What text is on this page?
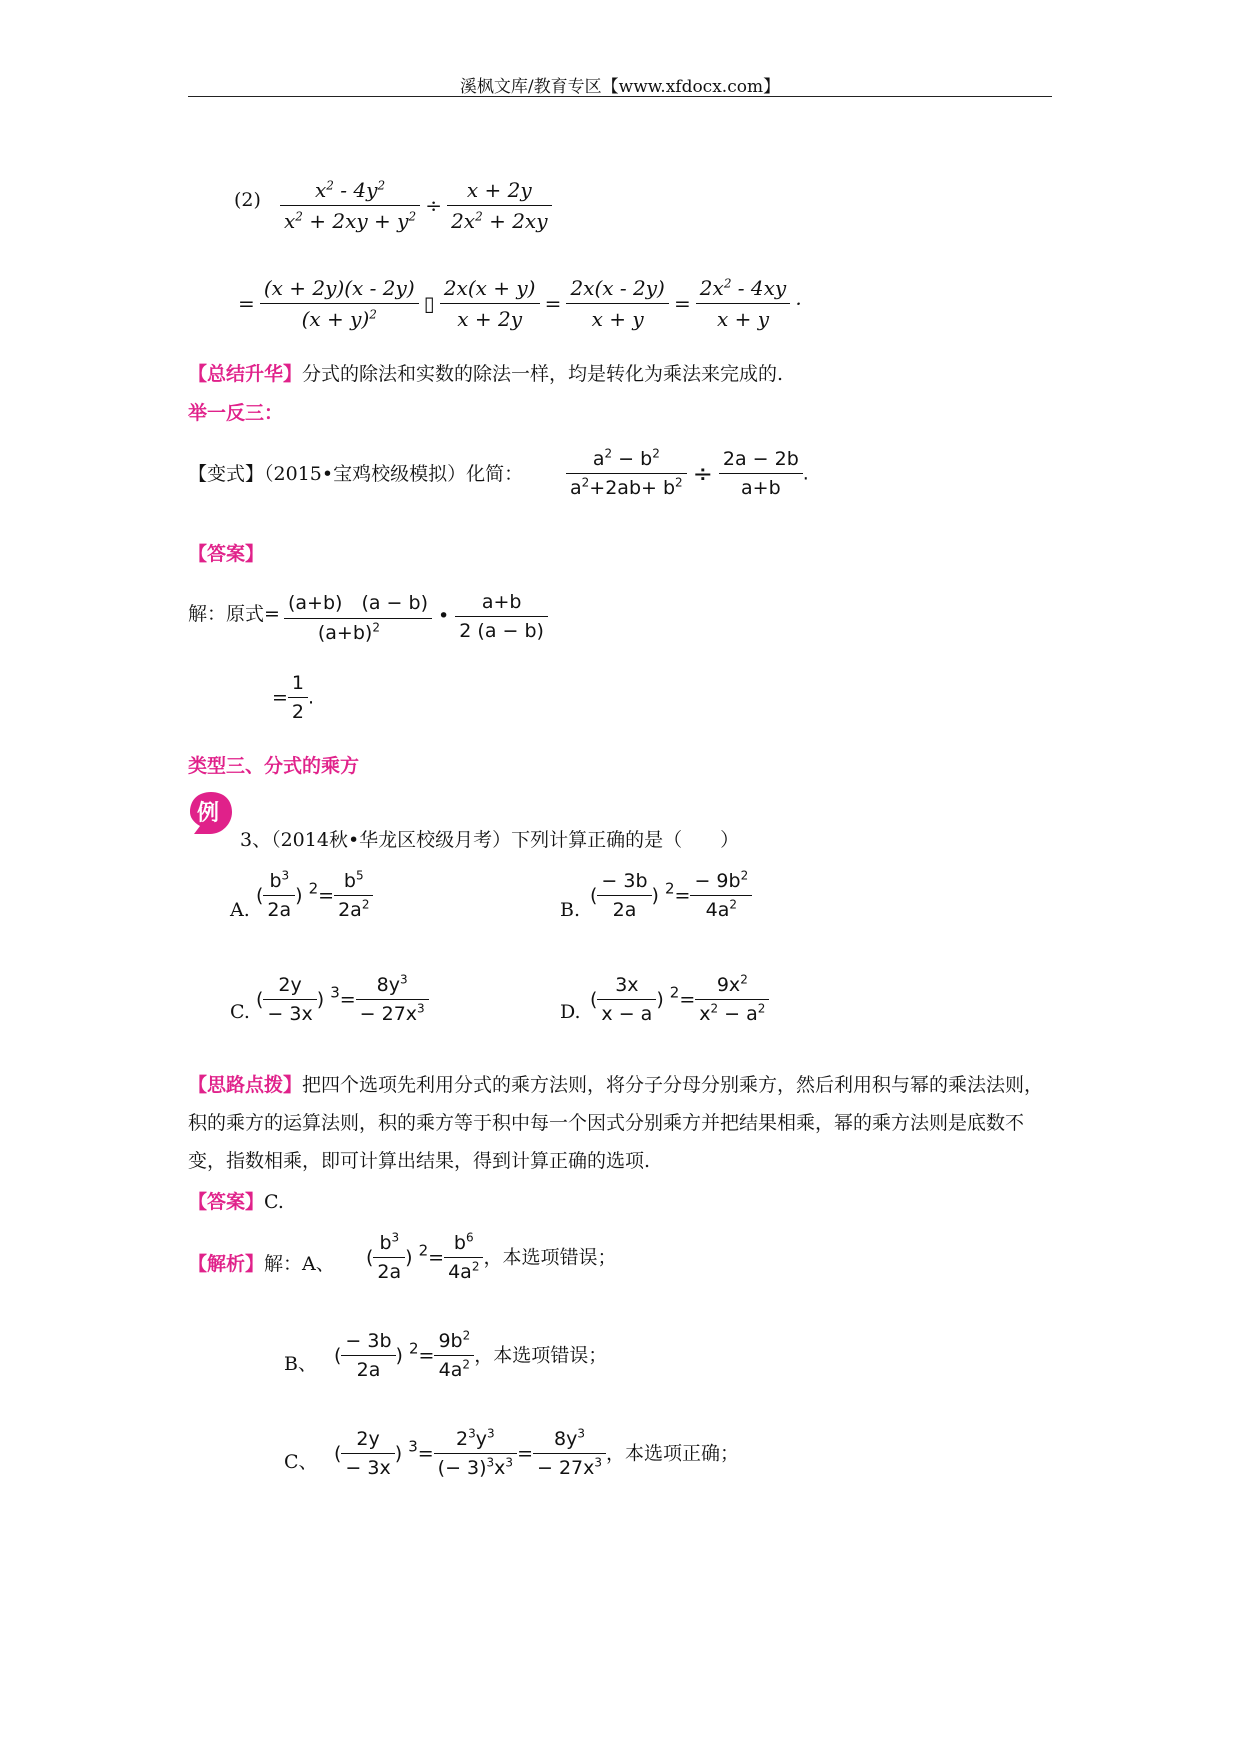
溪枫文库/教育专区【www.xfdocx.com】
$(2) \frac{x^2 - 4y^2}{x^2 + 2xy + y^2} \div \frac{x + 2y}{2x^2 + 2xy}$
= $\frac{(x + 2y)(x - 2y)}{(x + y)^2}$ ▯ $\frac{2x(x + y)}{x + 2y} = \frac{2x(x - 2y)}{x + y} = \frac{2x^2 - 4xy}{x + y}$ ·
【总结升华】分式的除法和实数的除法一样，均是转化为乘法来完成的.
举一反三：
【变式】（2015•宝鸡校级模拟）化简： $\frac{a^2 - b^2}{a^2+2ab+ b^2} \div \frac{2a - 2b}{a+b}$ .
【答案】
解：原式= $\frac{(a+b) (a - b)}{(a+b)^2}$ • $\frac{a+b}{2 (a - b)}$
= $\frac{1}{2}$ .
类型三、分式的乘方
例
3、（2014秋•华龙区校级月考）下列计算正确的是（　　）
A.
( $\frac{b^3}{2a}$ ) $^2= \frac{b^5}{2a^2}$	B.
( $\frac{- 3b}{2a}$ ) $^2= \frac{- 9b^2}{4a^2}$
C.
( $\frac{2y}{- 3x}$ ) $^3= \frac{8y^3}{- 27x^3}$	D.
( $\frac{3x}{x - a}$ ) $^2= \frac{9x^2}{x^2 - a^2}$
【思路点拨】把四个选项先利用分式的乘方法则，将分子分母分别乘方，然后利用积与幂的乘法法则，积的乘方的运算法则，积的乘方等于积中每一个因式分别乘方并把结果相乘，幂的乘方法则是底数不变，指数相乘，即可计算出结果，得到计算正确的选项.
【答案】C.
【解析】解：A、 ( $\frac{b^3}{2a}$ ) $^2= \frac{b^6}{4a^2}$ ，本选项错误；
B、 ( $\frac{- 3b}{2a}$ ) $^2= \frac{9b^2}{4a^2}$ ，本选项错误；
C、 ( $\frac{2y}{- 3x}$ ) $^3= \frac{2^3y^3}{(- 3)^3x^3} = \frac{8y^3}{- 27x^3}$ ，本选项正确；
